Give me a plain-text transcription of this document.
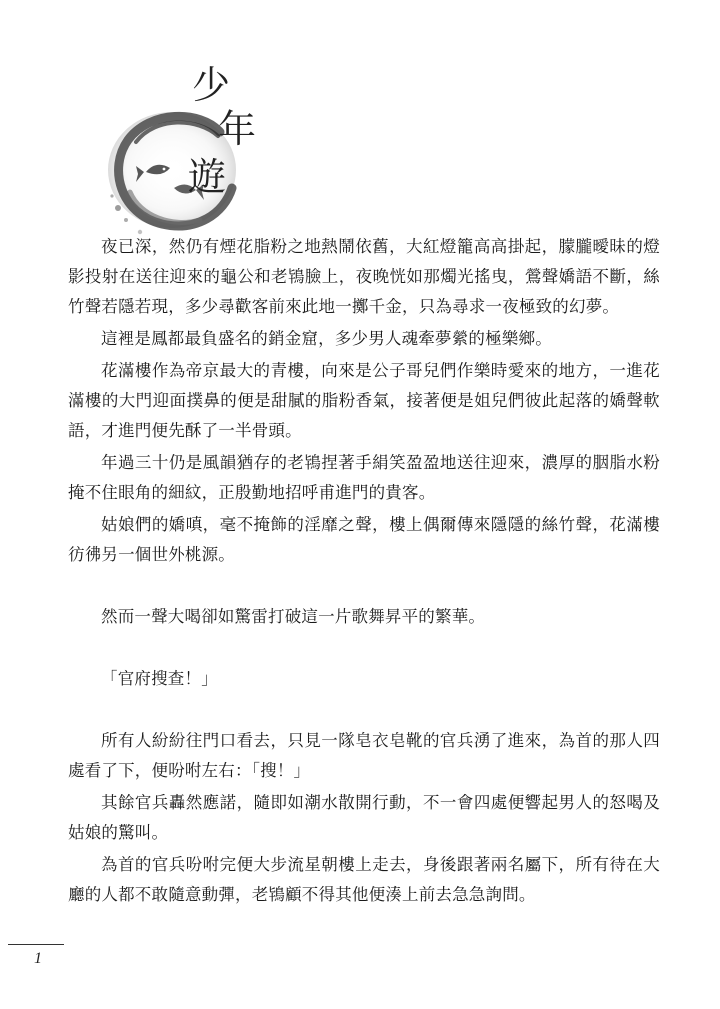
少
年
遊

夜已深，然仍有煙花脂粉之地熱鬧依舊，大紅燈籠高高掛起，朦朧曖昧的燈影投射在送往迎來的龜公和老鴇臉上，夜晚恍如那燭光搖曳，鶯聲嬌語不斷，絲竹聲若隱若現，多少尋歡客前來此地一擲千金，只為尋求一夜極致的幻夢。

這裡是鳳都最負盛名的銷金窟，多少男人魂牽夢縈的極樂鄉。

花滿樓作為帝京最大的青樓，向來是公子哥兒們作樂時愛來的地方，一進花滿樓的大門迎面撲鼻的便是甜膩的脂粉香氣，接著便是姐兒們彼此起落的嬌聲軟語，才進門便先酥了一半骨頭。

年過三十仍是風韻猶存的老鴇捏著手絹笑盈盈地送往迎來，濃厚的胭脂水粉掩不住眼角的細紋，正殷勤地招呼甫進門的貴客。

姑娘們的嬌嗔，毫不掩飾的淫靡之聲，樓上偶爾傳來隱隱的絲竹聲，花滿樓彷彿另一個世外桃源。

然而一聲大喝卻如驚雷打破這一片歌舞昇平的繁華。

「官府搜查！」

所有人紛紛往門口看去，只見一隊皂衣皂靴的官兵湧了進來，為首的那人四處看了下，便吩咐左右：「搜！」

其餘官兵轟然應諾，隨即如潮水散開行動，不一會四處便響起男人的怒喝及姑娘的驚叫。

為首的官兵吩咐完便大步流星朝樓上走去，身後跟著兩名屬下，所有待在大廳的人都不敢隨意動彈，老鴇顧不得其他便湊上前去急急詢問。

1
